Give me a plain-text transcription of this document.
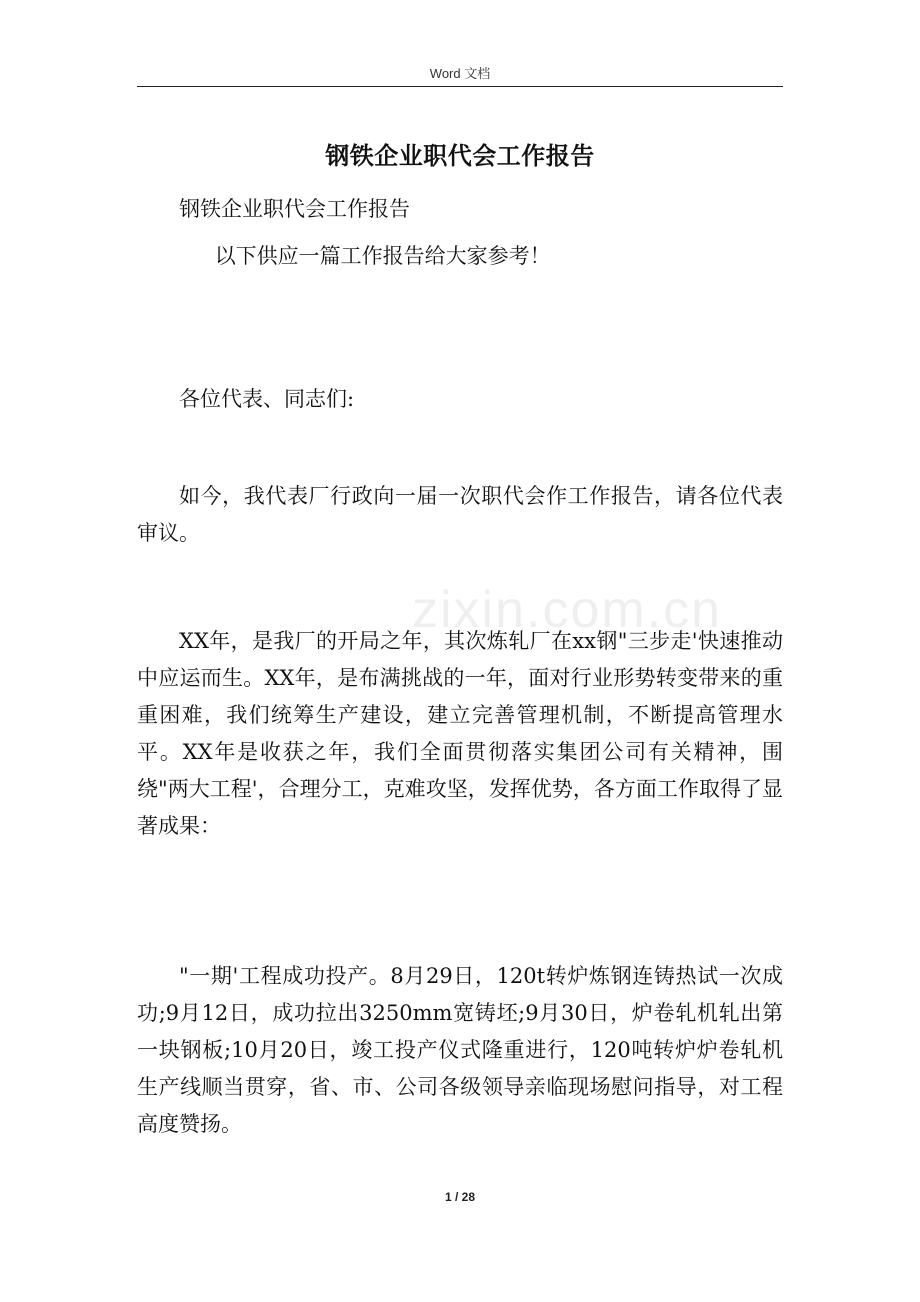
Word 文档
钢铁企业职代会工作报告
钢铁企业职代会工作报告
以下供应一篇工作报告给大家参考！
各位代表、同志们:
如今，我代表厂行政向一届一次职代会作工作报告，请各位代表审议。
XX年，是我厂的开局之年，其次炼轧厂在xx钢"三步走'快速推动中应运而生。XX年，是布满挑战的一年，面对行业形势转变带来的重重困难，我们统筹生产建设，建立完善管理机制，不断提高管理水平。XX年是收获之年，我们全面贯彻落实集团公司有关精神，围绕"两大工程'，合理分工，克难攻坚，发挥优势，各方面工作取得了显著成果：
"一期'工程成功投产。8月29日，120t转炉炼钢连铸热试一次成功;9月12日，成功拉出3250mm宽铸坯;9月30日，炉卷轧机轧出第一块钢板;10月20日，竣工投产仪式隆重进行，120吨转炉炉卷轧机生产线顺当贯穿，省、市、公司各级领导亲临现场慰问指导，对工程高度赞扬。
zixin.com.cn
1 / 28
